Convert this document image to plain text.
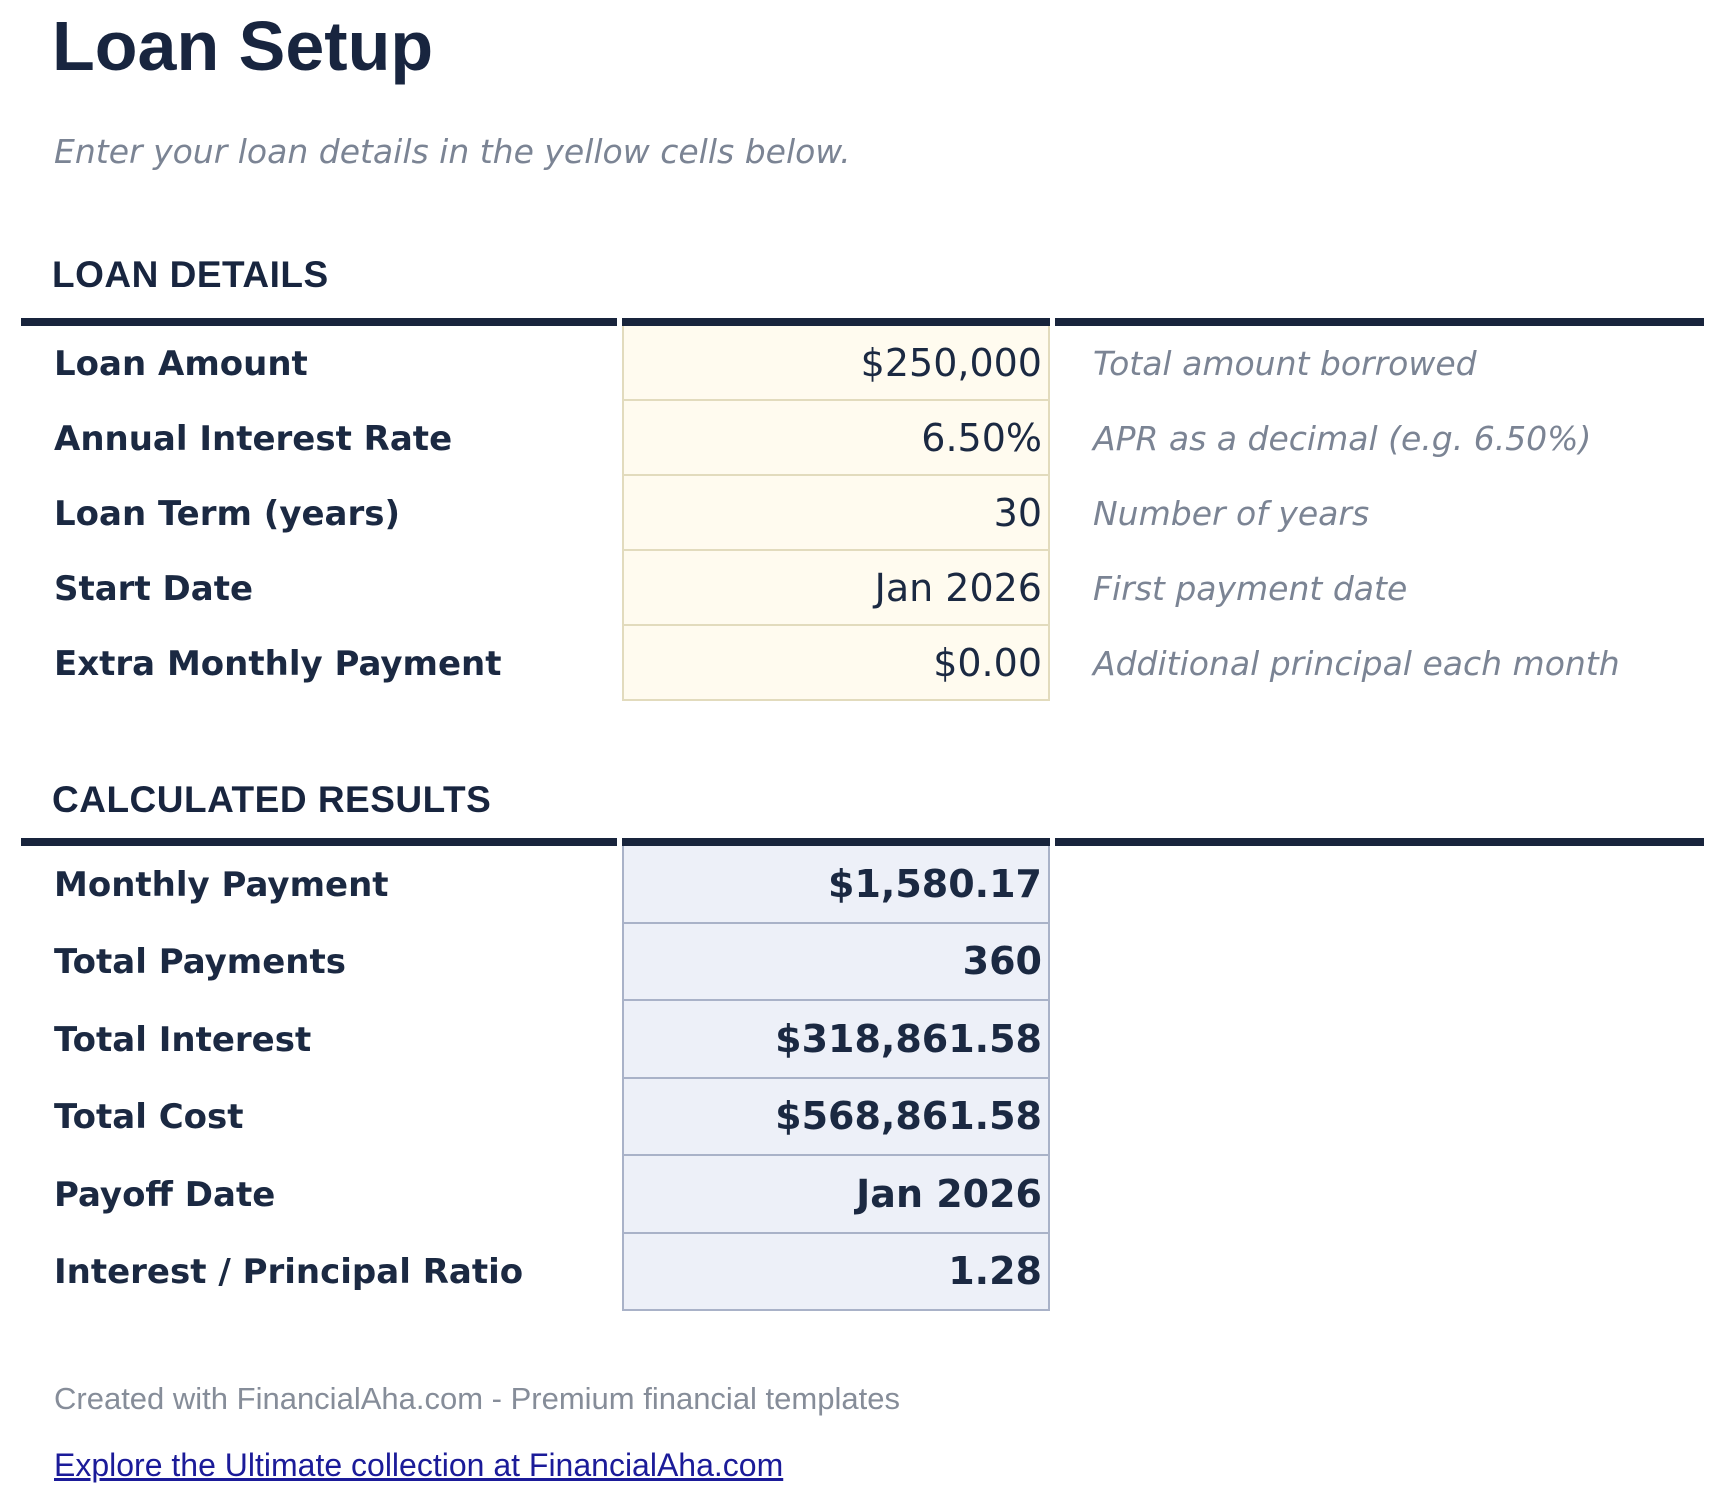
Loan Setup
Enter your loan details in the yellow cells below.
LOAN DETAILS
Loan Amount	$250,000	Total amount borrowed
Annual Interest Rate	6.50%	APR as a decimal (e.g. 6.50%)
Loan Term (years)	30	Number of years
Start Date	Jan 2026	First payment date
Extra Monthly Payment	$0.00	Additional principal each month
CALCULATED RESULTS
Monthly Payment	$1,580.17
Total Payments	360
Total Interest	$318,861.58
Total Cost	$568,861.58
Payoff Date	Jan 2026
Interest / Principal Ratio	1.28
Created with FinancialAha.com - Premium financial templates
Explore the Ultimate collection at FinancialAha.com
